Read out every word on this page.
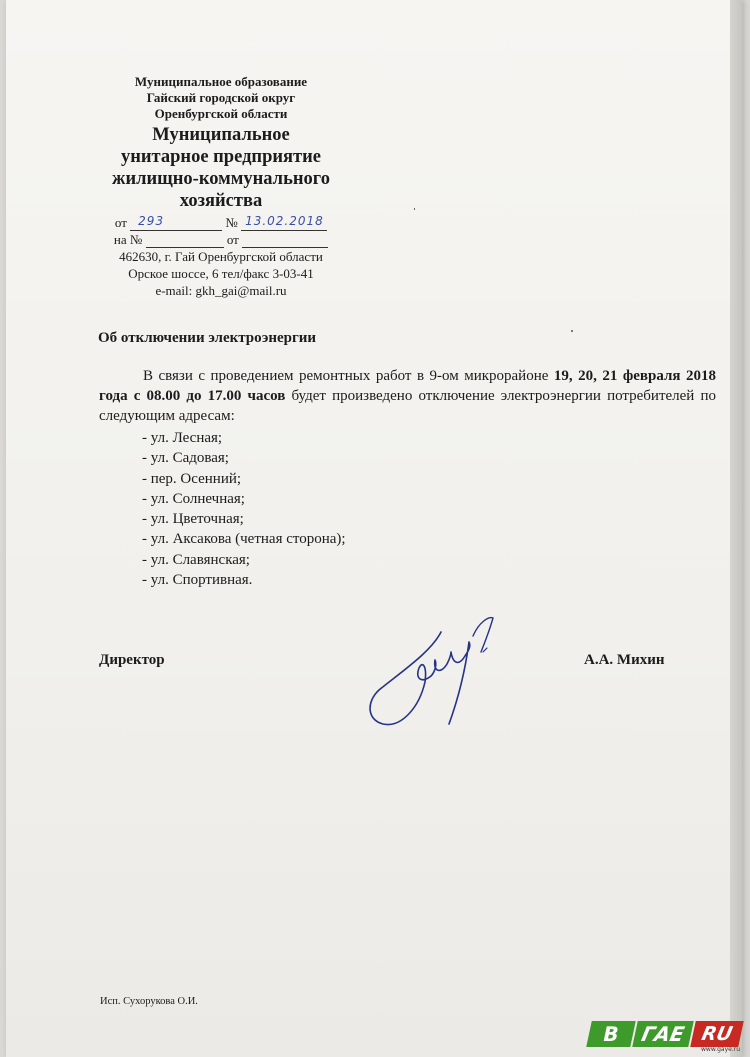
Муниципальное образование
Гайский городской округ
Оренбургской области
Муниципальное
унитарное предприятие
жилищно-коммунального
хозяйства
от 293	№ 13.02.2018
на №	от
462630, г. Гай Оренбургской области
Орское шоссе, 6 тел/факс 3-03-41
e-mail: gkh_gai@mail.ru
Об отключении электроэнергии
В связи с проведением ремонтных работ в 9-ом микрорайоне 19, 20, 21 февраля 2018 года с 08.00 до 17.00 часов будет произведено отключение электроэнергии потребителей по следующим адресам:
- ул. Лесная;
- ул. Садовая;
- пер. Осенний;
- ул. Солнечная;
- ул. Цветочная;
- ул. Аксакова (четная сторона);
- ул. Славянская;
- ул. Спортивная.
Директор	А.А. Михин
Исп. Сухорукова О.И.
В ГАЕ RU
www.gaye.ru
